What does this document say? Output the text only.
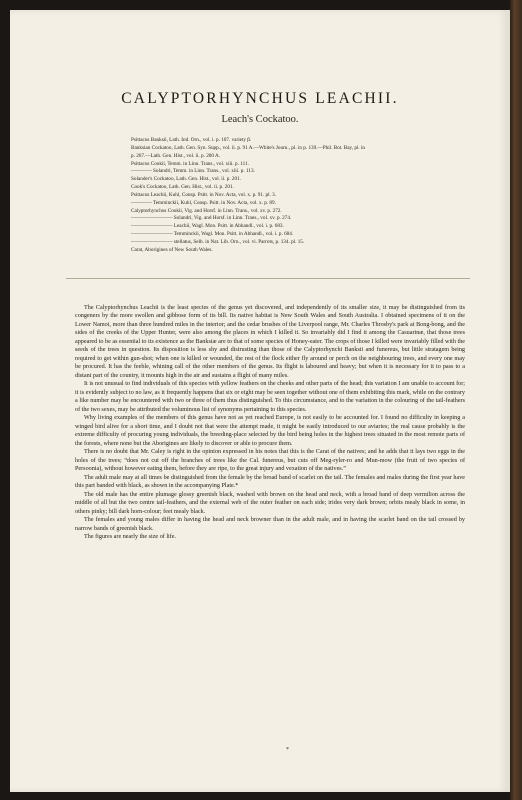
CALYPTORHYNCHUS LEACHII.
Leach's Cockatoo.
Psittacus Banksii, Lath. Ind. Orn., vol. i. p. 107. variety β.
Banksian Cockatoo, Lath. Gen. Syn. Supp., vol. ii. p. 91 A.—White's Journ., pl. in p. 139.—Phil. Bot. Bay, pl. in
p. 267.—Lath. Gen. Hist., vol. ii. p. 200 A.
Psittacus Cookii, Temm. in Linn. Trans., vol. xiii. p. 111.
———— Solandri, Temm. in Linn. Trans., vol. xiii. p. 113.
Solander's Cockatoo, Lath. Gen. Hist., vol. ii. p. 201.
Cook's Cockatoo, Lath. Gen. Hist., vol. ii. p. 201.
Psittacus Leachii, Kuhl, Consp. Psitt. in Nov. Acta, vol. x. p. 91. pl. 3.
———— Temminckii, Kuhl, Consp. Psitt. in Nov. Acta, vol. x. p. 89.
Calyptorhynchus Cookii, Vig. and Horsf. in Linn. Trans., vol. xv. p. 272.
———————— Solandri, Vig. and Horsf. in Linn. Trans., vol. xv. p. 274.
———————— Leachii, Wagl. Mon. Psitt. in Abhandl., vol. i. p. 683.
———————— Temminckii, Wagl. Mon. Psitt. in Abhandl., vol. i. p. 684.
———————— stellatus, Selb. in Nat. Lib. Orn., vol. vi. Parrots, p. 134. pl. 15.
Carat, Aborigines of New South Wales.

The Calyptorhynchus Leachii is the least species of the genus yet discovered, and independently of its smaller size, it may be distinguished from its congeners by the more swollen and gibbose form of its bill. Its native habitat is New South Wales and South Australia. I obtained specimens of it on the Lower Namoi, more than three hundred miles in the interior; and the cedar brushes of the Liverpool range, Mr. Charles Throsby's park at Bong-bong, and the sides of the creeks of the Upper Hunter, were also among the places in which I killed it. So invariably did I find it among the Casuarinæ, that those trees appeared to be as essential to its existence as the Banksiæ are to that of some species of Honey-eater. The crops of those I killed were invariably filled with the seeds of the trees in question. Its disposition is less shy and distrusting than those of the Calyptorhynchi Banksii and funereus, but little stratagem being required to get within gun-shot; when one is killed or wounded, the rest of the flock either fly around or perch on the neighbouring trees, and every one may be procured. It has the feeble, whining call of the other members of the genus. Its flight is laboured and heavy; but when it is necessary for it to pass to a distant part of the country, it mounts high in the air and sustains a flight of many miles.

It is not unusual to find individuals of this species with yellow feathers on the cheeks and other parts of the head; this variation I am unable to account for; it is evidently subject to no law, as it frequently happens that six or eight may be seen together without one of them exhibiting this mark, while on the contrary a like number may be encountered with two or three of them thus distinguished. To this circumstance, and to the variation in the colouring of the tail-feathers of the two sexes, may be attributed the voluminous list of synonyms pertaining to this species.

Why living examples of the members of this genus have not as yet reached Europe, is not easily to be accounted for. I found no difficulty in keeping a winged bird alive for a short time, and I doubt not that were the attempt made, it might be easily introduced to our aviaries; the real cause probably is the extreme difficulty of procuring young individuals, the breeding-place selected by the bird being holes in the highest trees situated in the most remote parts of the forests, where none but the Aborigines are likely to discover or able to procure them.

There is no doubt that Mr. Caley is right in the opinion expressed in his notes that this is the Carat of the natives; and he adds that it lays two eggs in the holes of the trees; “does not cut off the branches of trees like the Cal. funereus, but cuts off Meg-ryler-ro and Mun-mow (the fruit of two species of Persoonia), without however eating them, before they are ripe, to the great injury and vexation of the natives.”

The adult male may at all times be distinguished from the female by the broad band of scarlet on the tail. The females and males during the first year have this part banded with black, as shown in the accompanying Plate.*

The old male has the entire plumage glossy greenish black, washed with brown on the head and neck, with a broad band of deep vermilion across the middle of all but the two centre tail-feathers, and the external web of the outer feather on each side; irides very dark brown; orbits mealy black in some, in others pinky; bill dark horn-colour; feet mealy black.

The females and young males differ in having the head and neck browner than in the adult male, and in having the scarlet band on the tail crossed by narrow bands of greenish black.

The figures are nearly the size of life.

*
